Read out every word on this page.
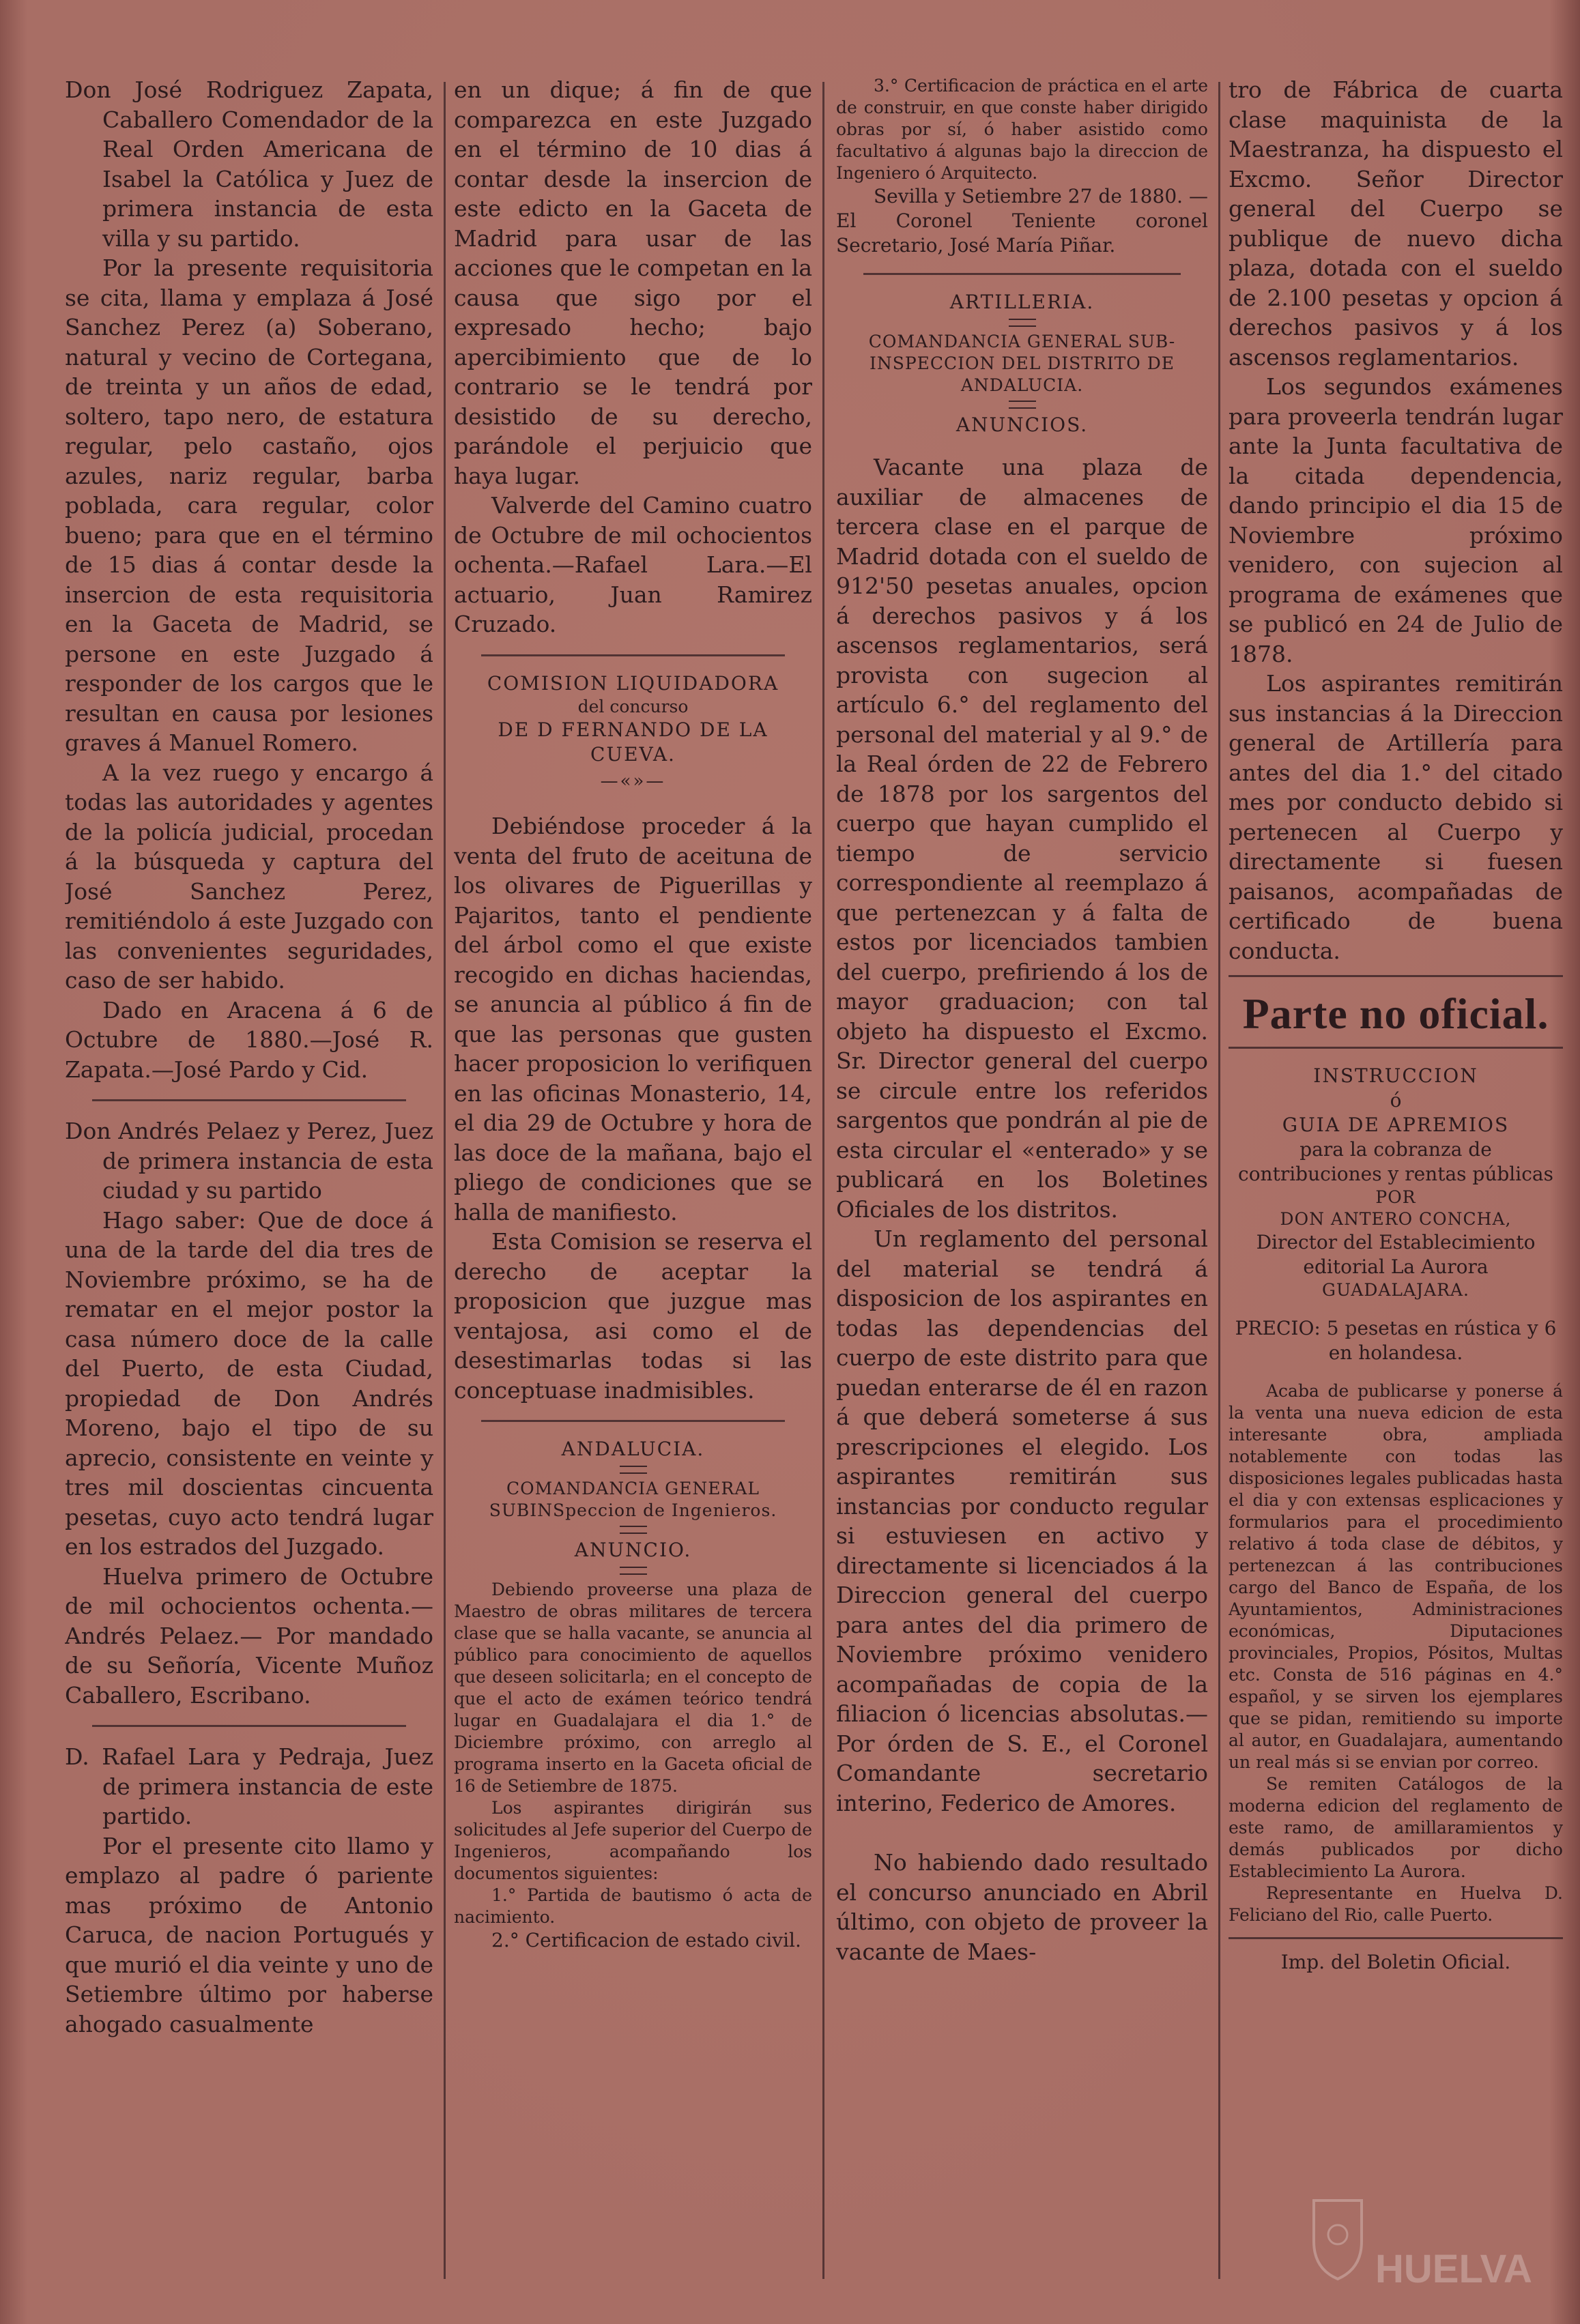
Don José Rodriguez Zapata, Caballero Comendador de la Real Orden Americana de Isabel la Católica y Juez de primera instancia de esta villa y su partido.

Por la presente requisitoria se cita, llama y emplaza á José Sanchez Perez (a) Soberano, natural y vecino de Cortegana, de treinta y un años de edad, soltero, tapo nero, de estatura regular, pelo castaño, ojos azules, nariz regular, barba poblada, cara regular, color bueno; para que en el término de 15 dias á contar desde la insercion de esta requisitoria en la Gaceta de Madrid, se persone en este Juzgado á responder de los cargos que le resultan en causa por lesiones graves á Manuel Romero.

A la vez ruego y encargo á todas las autoridades y agentes de la policía judicial, procedan á la búsqueda y captura del José Sanchez Perez, remitiéndolo á este Juzgado con las convenientes seguridades, caso de ser habido.

Dado en Aracena á 6 de Octubre de 1880.—José R. Zapata.—José Pardo y Cid.

Don Andrés Pelaez y Perez, Juez de primera instancia de esta ciudad y su partido

Hago saber: Que de doce á una de la tarde del dia tres de Noviembre próximo, se ha de rematar en el mejor postor la casa número doce de la calle del Puerto, de esta Ciudad, propiedad de Don Andrés Moreno, bajo el tipo de su aprecio, consistente en veinte y tres mil doscientas cincuenta pesetas, cuyo acto tendrá lugar en los estrados del Juzgado.

Huelva primero de Octubre de mil ochocientos ochenta.— Andrés Pelaez.— Por mandado de su Señoría, Vicente Muñoz Caballero, Escribano.

D. Rafael Lara y Pedraja, Juez de primera instancia de este partido.

Por el presente cito llamo y emplazo al padre ó pariente mas próximo de Antonio Caruca, de nacion Portugués y que murió el dia veinte y uno de Setiembre último por haberse ahogado casualmente

en un dique; á fin de que comparezca en este Juzgado en el término de 10 dias á contar desde la insercion de este edicto en la Gaceta de Madrid para usar de las acciones que le competan en la causa que sigo por el expresado hecho; bajo apercibimiento que de lo contrario se le tendrá por desistido de su derecho, parándole el perjuicio que haya lugar.

Valverde del Camino cuatro de Octubre de mil ochocientos ochenta.—Rafael Lara.—El actuario, Juan Ramirez Cruzado.

COMISION LIQUIDADORA

del concurso

DE D FERNANDO DE LA CUEVA.

—«»—

Debiéndose proceder á la venta del fruto de aceituna de los olivares de Piguerillas y Pajaritos, tanto el pendiente del árbol como el que existe recogido en dichas haciendas, se anuncia al público á fin de que las personas que gusten hacer proposicion lo verifiquen en las oficinas Monasterio, 14, el dia 29 de Octubre y hora de las doce de la mañana, bajo el pliego de condiciones que se halla de manifiesto.

Esta Comision se reserva el derecho de aceptar la proposicion que juzgue mas ventajosa, asi como el de desestimarlas todas si las conceptuase inadmisibles.

ANDALUCIA.

COMANDANCIA GENERAL SUBINSpeccion de Ingenieros.

ANUNCIO.

Debiendo proveerse una plaza de Maestro de obras militares de tercera clase que se halla vacante, se anuncia al público para conocimiento de aquellos que deseen solicitarla; en el concepto de que el acto de exámen teórico tendrá lugar en Guadalajara el dia 1.° de Diciembre próximo, con arreglo al programa inserto en la Gaceta oficial de 16 de Setiembre de 1875.

Los aspirantes dirigirán sus solicitudes al Jefe superior del Cuerpo de Ingenieros, acompañando los documentos siguientes:

1.° Partida de bautismo ó acta de nacimiento.

2.° Certificacion de estado civil.

3.° Certificacion de práctica en el arte de construir, en que conste haber dirigido obras por sí, ó haber asistido como facultativo á algunas bajo la direccion de Ingeniero ó Arquitecto.

Sevilla y Setiembre 27 de 1880. — El Coronel Teniente coronel Secretario, José María Piñar.

ARTILLERIA.

COMANDANCIA GENERAL SUB-INSPECCION DEL DISTRITO DE ANDALUCIA.

ANUNCIOS.

Vacante una plaza de auxiliar de almacenes de tercera clase en el parque de Madrid dotada con el sueldo de 912'50 pesetas anuales, opcion á derechos pasivos y á los ascensos reglamentarios, será provista con sugecion al artículo 6.° del reglamento del personal del material y al 9.° de la Real órden de 22 de Febrero de 1878 por los sargentos del cuerpo que hayan cumplido el tiempo de servicio correspondiente al reemplazo á que pertenezcan y á falta de estos por licenciados tambien del cuerpo, prefiriendo á los de mayor graduacion; con tal objeto ha dispuesto el Excmo. Sr. Director general del cuerpo se circule entre los referidos sargentos que pondrán al pie de esta circular el «enterado» y se publicará en los Boletines Oficiales de los distritos.

Un reglamento del personal del material se tendrá á disposicion de los aspirantes en todas las dependencias del cuerpo de este distrito para que puedan enterarse de él en razon á que deberá someterse á sus prescripciones el elegido. Los aspirantes remitirán sus instancias por conducto regular si estuviesen en activo y directamente si licenciados á la Direccion general del cuerpo para antes del dia primero de Noviembre próximo venidero acompañadas de copia de la filiacion ó licencias absolutas.— Por órden de S. E., el Coronel Comandante secretario interino, Federico de Amores.

No habiendo dado resultado el concurso anunciado en Abril último, con objeto de proveer la vacante de Maes-

tro de Fábrica de cuarta clase maquinista de la Maestranza, ha dispuesto el Excmo. Señor Director general del Cuerpo se publique de nuevo dicha plaza, dotada con el sueldo de 2.100 pesetas y opcion á derechos pasivos y á los ascensos reglamentarios.

Los segundos exámenes para proveerla tendrán lugar ante la Junta facultativa de la citada dependencia, dando principio el dia 15 de Noviembre próximo venidero, con sujecion al programa de exámenes que se publicó en 24 de Julio de 1878.

Los aspirantes remitirán sus instancias á la Direccion general de Artillería para antes del dia 1.° del citado mes por conducto debido si pertenecen al Cuerpo y directamente si fuesen paisanos, acompañadas de certificado de buena conducta.

Parte no oficial.

INSTRUCCION

ó

GUIA DE APREMIOS

para la cobranza de contribuciones y rentas públicas

POR

DON ANTERO CONCHA,

Director del Establecimiento editorial La Aurora

GUADALAJARA.

PRECIO: 5 pesetas en rústica y 6 en holandesa.

Acaba de publicarse y ponerse á la venta una nueva edicion de esta interesante obra, ampliada notablemente con todas las disposiciones legales publicadas hasta el dia y con extensas esplicaciones y formularios para el procedimiento relativo á toda clase de débitos, y pertenezcan á las contribuciones cargo del Banco de España, de los Ayuntamientos, Administraciones económicas, Diputaciones provinciales, Propios, Pósitos, Multas etc. Consta de 516 páginas en 4.° español, y se sirven los ejemplares que se pidan, remitiendo su importe al autor, en Guadalajara, aumentando un real más si se envian por correo.

Se remiten Catálogos de la moderna edicion del reglamento de este ramo, de amillaramientos y demás publicados por dicho Establecimiento La Aurora.

Representante en Huelva D. Feliciano del Rio, calle Puerto.

Imp. del Boletin Oficial.

HUELVA
